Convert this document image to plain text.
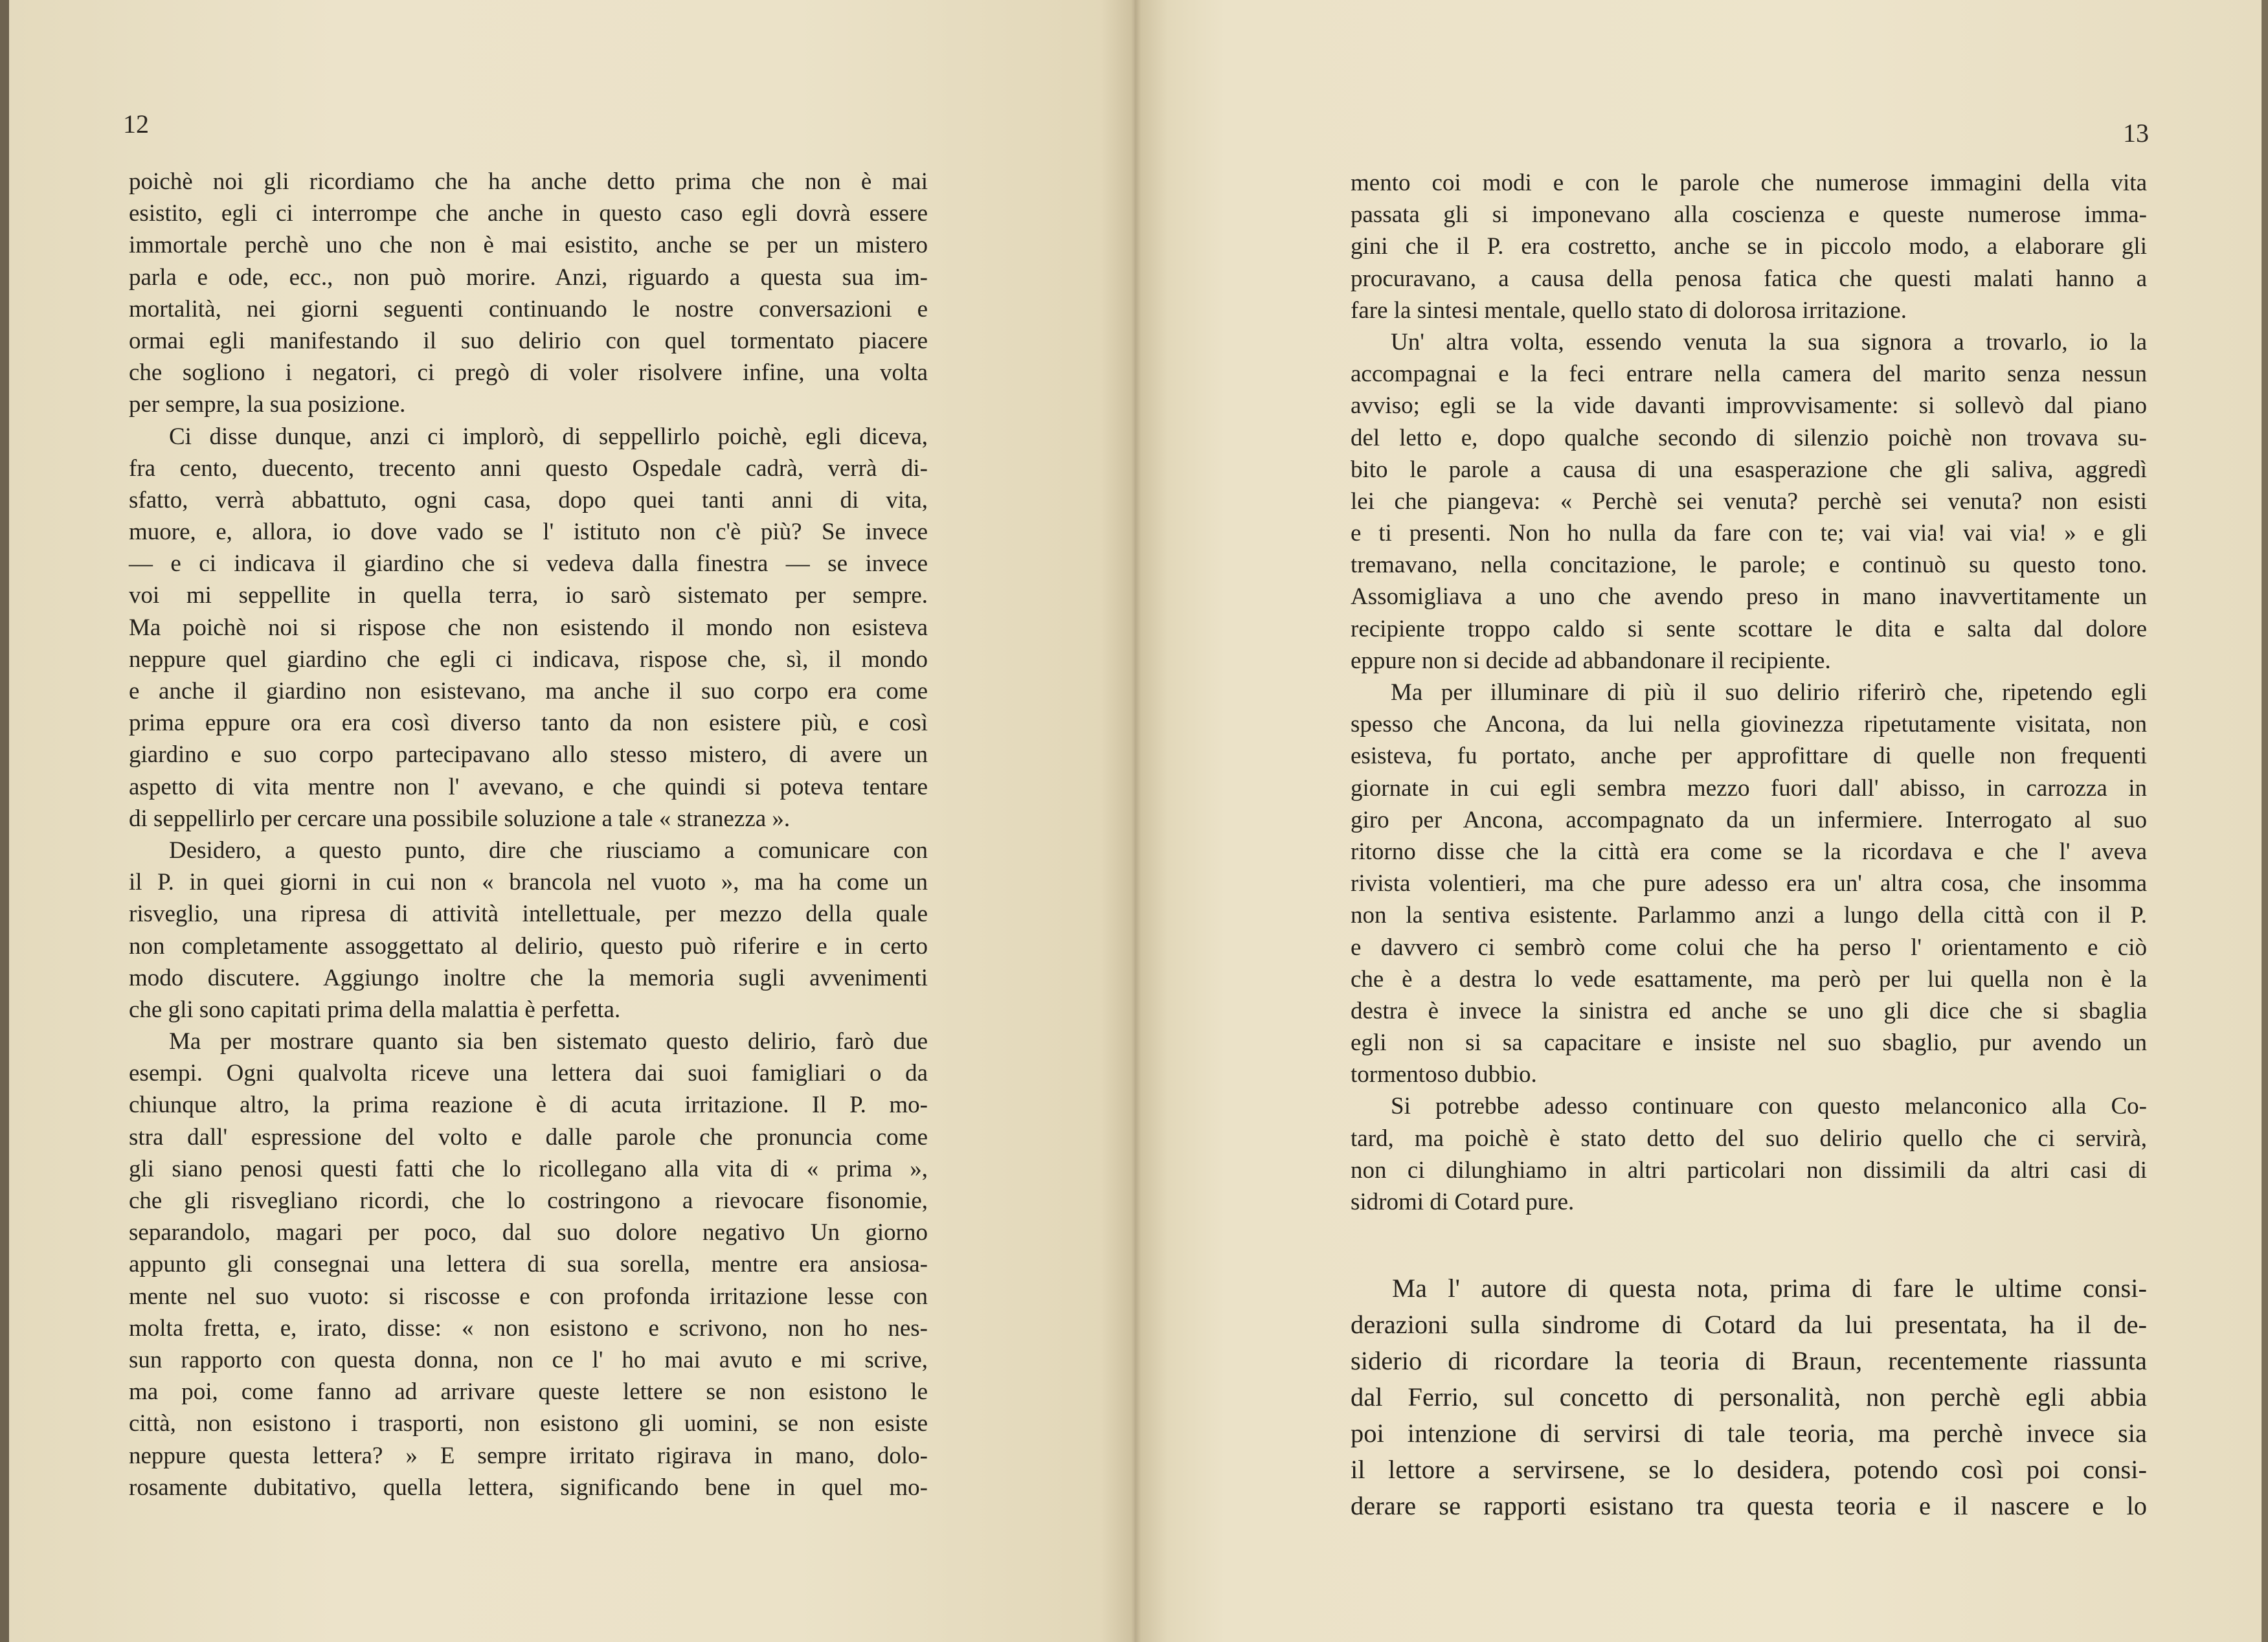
12
poichè noi gli ricordiamo che ha anche detto prima che non è mai
esistito, egli ci interrompe che anche in questo caso egli dovrà essere
immortale perchè uno che non è mai esistito, anche se per un mistero
parla e ode, ecc., non può morire. Anzi, riguardo a questa sua im-
mortalità, nei giorni seguenti continuando le nostre conversazioni e
ormai egli manifestando il suo delirio con quel tormentato piacere
che sogliono i negatori, ci pregò di voler risolvere infine, una volta
per sempre, la sua posizione.
Ci disse dunque, anzi ci implorò, di seppellirlo poichè, egli diceva,
fra cento, duecento, trecento anni questo Ospedale cadrà, verrà di-
sfatto, verrà abbattuto, ogni casa, dopo quei tanti anni di vita,
muore, e, allora, io dove vado se l' istituto non c'è più? Se invece
— e ci indicava il giardino che si vedeva dalla finestra — se invece
voi mi seppellite in quella terra, io sarò sistemato per sempre.
Ma poichè noi si rispose che non esistendo il mondo non esisteva
neppure quel giardino che egli ci indicava, rispose che, sì, il mondo
e anche il giardino non esistevano, ma anche il suo corpo era come
prima eppure ora era così diverso tanto da non esistere più, e così
giardino e suo corpo partecipavano allo stesso mistero, di avere un
aspetto di vita mentre non l' avevano, e che quindi si poteva tentare
di seppellirlo per cercare una possibile soluzione a tale « stranezza ».
Desidero, a questo punto, dire che riusciamo a comunicare con
il P. in quei giorni in cui non « brancola nel vuoto », ma ha come un
risveglio, una ripresa di attività intellettuale, per mezzo della quale
non completamente assoggettato al delirio, questo può riferire e in certo
modo discutere. Aggiungo inoltre che la memoria sugli avvenimenti
che gli sono capitati prima della malattia è perfetta.
Ma per mostrare quanto sia ben sistemato questo delirio, farò due
esempi. Ogni qualvolta riceve una lettera dai suoi famigliari o da
chiunque altro, la prima reazione è di acuta irritazione. Il P. mo-
stra dall' espressione del volto e dalle parole che pronuncia come
gli siano penosi questi fatti che lo ricollegano alla vita di « prima »,
che gli risvegliano ricordi, che lo costringono a rievocare fisonomie,
separandolo, magari per poco, dal suo dolore negativo Un giorno
appunto gli consegnai una lettera di sua sorella, mentre era ansiosa-
mente nel suo vuoto: si riscosse e con profonda irritazione lesse con
molta fretta, e, irato, disse: « non esistono e scrivono, non ho nes-
sun rapporto con questa donna, non ce l' ho mai avuto e mi scrive,
ma poi, come fanno ad arrivare queste lettere se non esistono le
città, non esistono i trasporti, non esistono gli uomini, se non esiste
neppure questa lettera? » E sempre irritato rigirava in mano, dolo-
rosamente dubitativo, quella lettera, significando bene in quel mo-
13
mento coi modi e con le parole che numerose immagini della vita
passata gli si imponevano alla coscienza e queste numerose imma-
gini che il P. era costretto, anche se in piccolo modo, a elaborare gli
procuravano, a causa della penosa fatica che questi malati hanno a
fare la sintesi mentale, quello stato di dolorosa irritazione.
Un' altra volta, essendo venuta la sua signora a trovarlo, io la
accompagnai e la feci entrare nella camera del marito senza nessun
avviso; egli se la vide davanti improvvisamente: si sollevò dal piano
del letto e, dopo qualche secondo di silenzio poichè non trovava su-
bito le parole a causa di una esasperazione che gli saliva, aggredì
lei che piangeva: « Perchè sei venuta? perchè sei venuta? non esisti
e ti presenti. Non ho nulla da fare con te; vai via! vai via! » e gli
tremavano, nella concitazione, le parole; e continuò su questo tono.
Assomigliava a uno che avendo preso in mano inavvertitamente un
recipiente troppo caldo si sente scottare le dita e salta dal dolore
eppure non si decide ad abbandonare il recipiente.
Ma per illuminare di più il suo delirio riferirò che, ripetendo egli
spesso che Ancona, da lui nella giovinezza ripetutamente visitata, non
esisteva, fu portato, anche per approfittare di quelle non frequenti
giornate in cui egli sembra mezzo fuori dall' abisso, in carrozza in
giro per Ancona, accompagnato da un infermiere. Interrogato al suo
ritorno disse che la città era come se la ricordava e che l' aveva
rivista volentieri, ma che pure adesso era un' altra cosa, che insomma
non la sentiva esistente. Parlammo anzi a lungo della città con il P.
e davvero ci sembrò come colui che ha perso l' orientamento e ciò
che è a destra lo vede esattamente, ma però per lui quella non è la
destra è invece la sinistra ed anche se uno gli dice che si sbaglia
egli non si sa capacitare e insiste nel suo sbaglio, pur avendo un
tormentoso dubbio.
Si potrebbe adesso continuare con questo melanconico alla Co-
tard, ma poichè è stato detto del suo delirio quello che ci servirà,
non ci dilunghiamo in altri particolari non dissimili da altri casi di
sidromi di Cotard pure.
Ma l' autore di questa nota, prima di fare le ultime consi-
derazioni sulla sindrome di Cotard da lui presentata, ha il de-
siderio di ricordare la teoria di Braun, recentemente riassunta
dal Ferrio, sul concetto di personalità, non perchè egli abbia
poi intenzione di servirsi di tale teoria, ma perchè invece sia
il lettore a servirsene, se lo desidera, potendo così poi consi-
derare se rapporti esistano tra questa teoria e il nascere e lo
